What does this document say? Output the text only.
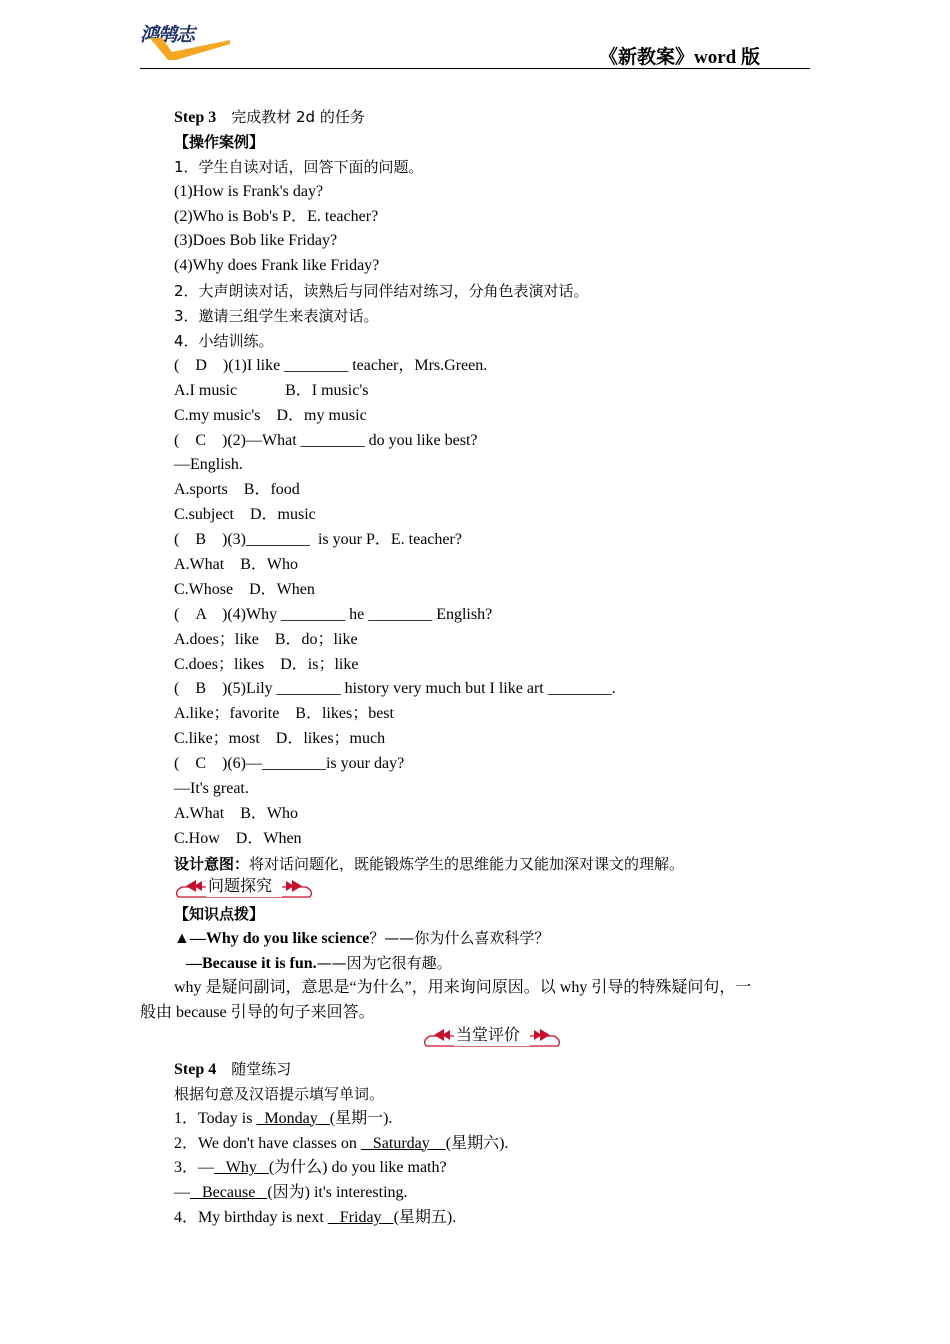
鸿鹄志
《新教案》word 版
Step 3　完成教材 2d 的任务
【操作案例】
1．学生自读对话，回答下面的问题。
(1)How is Frank's day?
(2)Who is Bob's P．E. teacher?
(3)Does Bob like Friday?
(4)Why does Frank like Friday?
2．大声朗读对话，读熟后与同伴结对练习，分角色表演对话。
3．邀请三组学生来表演对话。
4．小结训练。
(　D　)(1)I like ________ teacher，Mrs.Green.
A.I music　　　B．I music's
C.my music's　D．my music
(　C　)(2)—What ________ do you like best?
—English.
A.sports　B．food
C.subject　D．music
(　B　)(3)________  is your P．E. teacher?
A.What　B．Who
C.Whose　D．When
(　A　)(4)Why ________ he ________ English?
A.does；like　B．do；like
C.does；likes　D．is；like
(　B　)(5)Lily ________ history very much but I like art ________.
A.like；favorite　B．likes；best
C.like；most　D．likes；much
(　C　)(6)—________is your day?
—It's great.
A.What　B．Who
C.How　D．When
设计意图：将对话问题化，既能锻炼学生的思维能力又能加深对课文的理解。
问题探究
【知识点拨】
▲—Why do you like science？——你为什么喜欢科学？
—Because it is fun.——因为它很有趣。
why 是疑问副词，意思是“为什么”，用来询问原因。以 why 引导的特殊疑问句，一
般由 because 引导的句子来回答。
当堂评价
Step 4　随堂练习
根据句意及汉语提示填写单词。
1．Today is   Monday (星期一).
2．We don't have classes on    Saturday (星期六).
3．— Why (为什么) do you like math?
— Because (因为) it's interesting.
4．My birthday is next    Friday (星期五).
